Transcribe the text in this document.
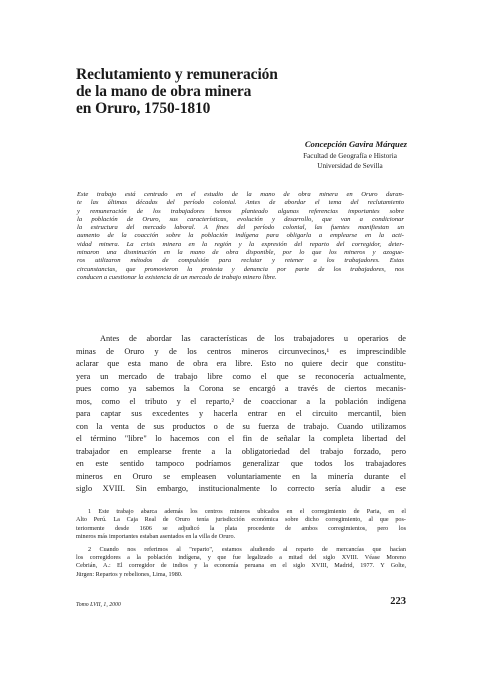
Reclutamiento y remuneración
de la mano de obra minera
en Oruro, 1750-1810
Concepción Gavira Márquez
Facultad de Geografía e Historia
Universidad de Sevilla
Este trabajo está centrado en el estudio de la mano de obra minera en Oruro duran-
te las últimas décadas del período colonial. Antes de abordar el tema del reclutamiento
y remuneración de los trabajadores hemos planteado algunas referencias importantes sobre
la población de Oruro, sus características, evolución y desarrollo, que van a condicionar
la estructura del mercado laboral. A fines del período colonial, las fuentes manifiestan un
aumento de la coacción sobre la población indígena para obligarla a emplearse en la acti-
vidad minera. La crisis minera en la región y la expresión del reparto del corregidor, deter-
minaron una disminución en la mano de obra disponible, por lo que los mineros y azogue-
ros utilizaron métodos de compulsión para reclutar y retener a los trabajadores. Estas
circunstancias, que promovieron la protesta y denuncia por parte de los trabajadores, nos
conducen a cuestionar la existencia de un mercado de trabajo minero libre.
Antes de abordar las características de los trabajadores u operarios de
minas de Oruro y de los centros mineros circunvecinos,¹ es imprescindible
aclarar que esta mano de obra era libre. Esto no quiere decir que constitu-
yera un mercado de trabajo libre como el que se reconocería actualmente,
pues como ya sabemos la Corona se encargó a través de ciertos mecanis-
mos, como el tributo y el reparto,² de coaccionar a la población indígena
para captar sus excedentes y hacerla entrar en el circuito mercantil, bien
con la venta de sus productos o de su fuerza de trabajo. Cuando utilizamos
el término "libre" lo hacemos con el fin de señalar la completa libertad del
trabajador en emplearse frente a la obligatoriedad del trabajo forzado, pero
en este sentido tampoco podríamos generalizar que todos los trabajadores
mineros en Oruro se empleasen voluntariamente en la minería durante el
siglo XVIII. Sin embargo, institucionalmente lo correcto sería aludir a ese
1 Este trabajo abarca además los centros mineros ubicados en el corregimiento de Paria, en el
Alto Perú. La Caja Real de Oruro tenía jurisdicción económica sobre dicho corregimiento, al que pos-
teriormente desde 1606 se adjudicó la plata procedente de ambos corregimientos, pero los
mineros más importantes estaban asentados en la villa de Oruro.
2 Cuando nos referimos al "reparto", estamos aludiendo al reparto de mercancías que hacían
los corregidores a la población indígena, y que fue legalizado a mitad del siglo XVIII. Véase Moreno
Cebrián, A.: El corregidor de indios y la economía peruana en el siglo XVIII, Madrid, 1977. Y Golte,
Jürgen: Repartos y rebeliones, Lima, 1980.
Tomo LVII, 1, 2000	223
